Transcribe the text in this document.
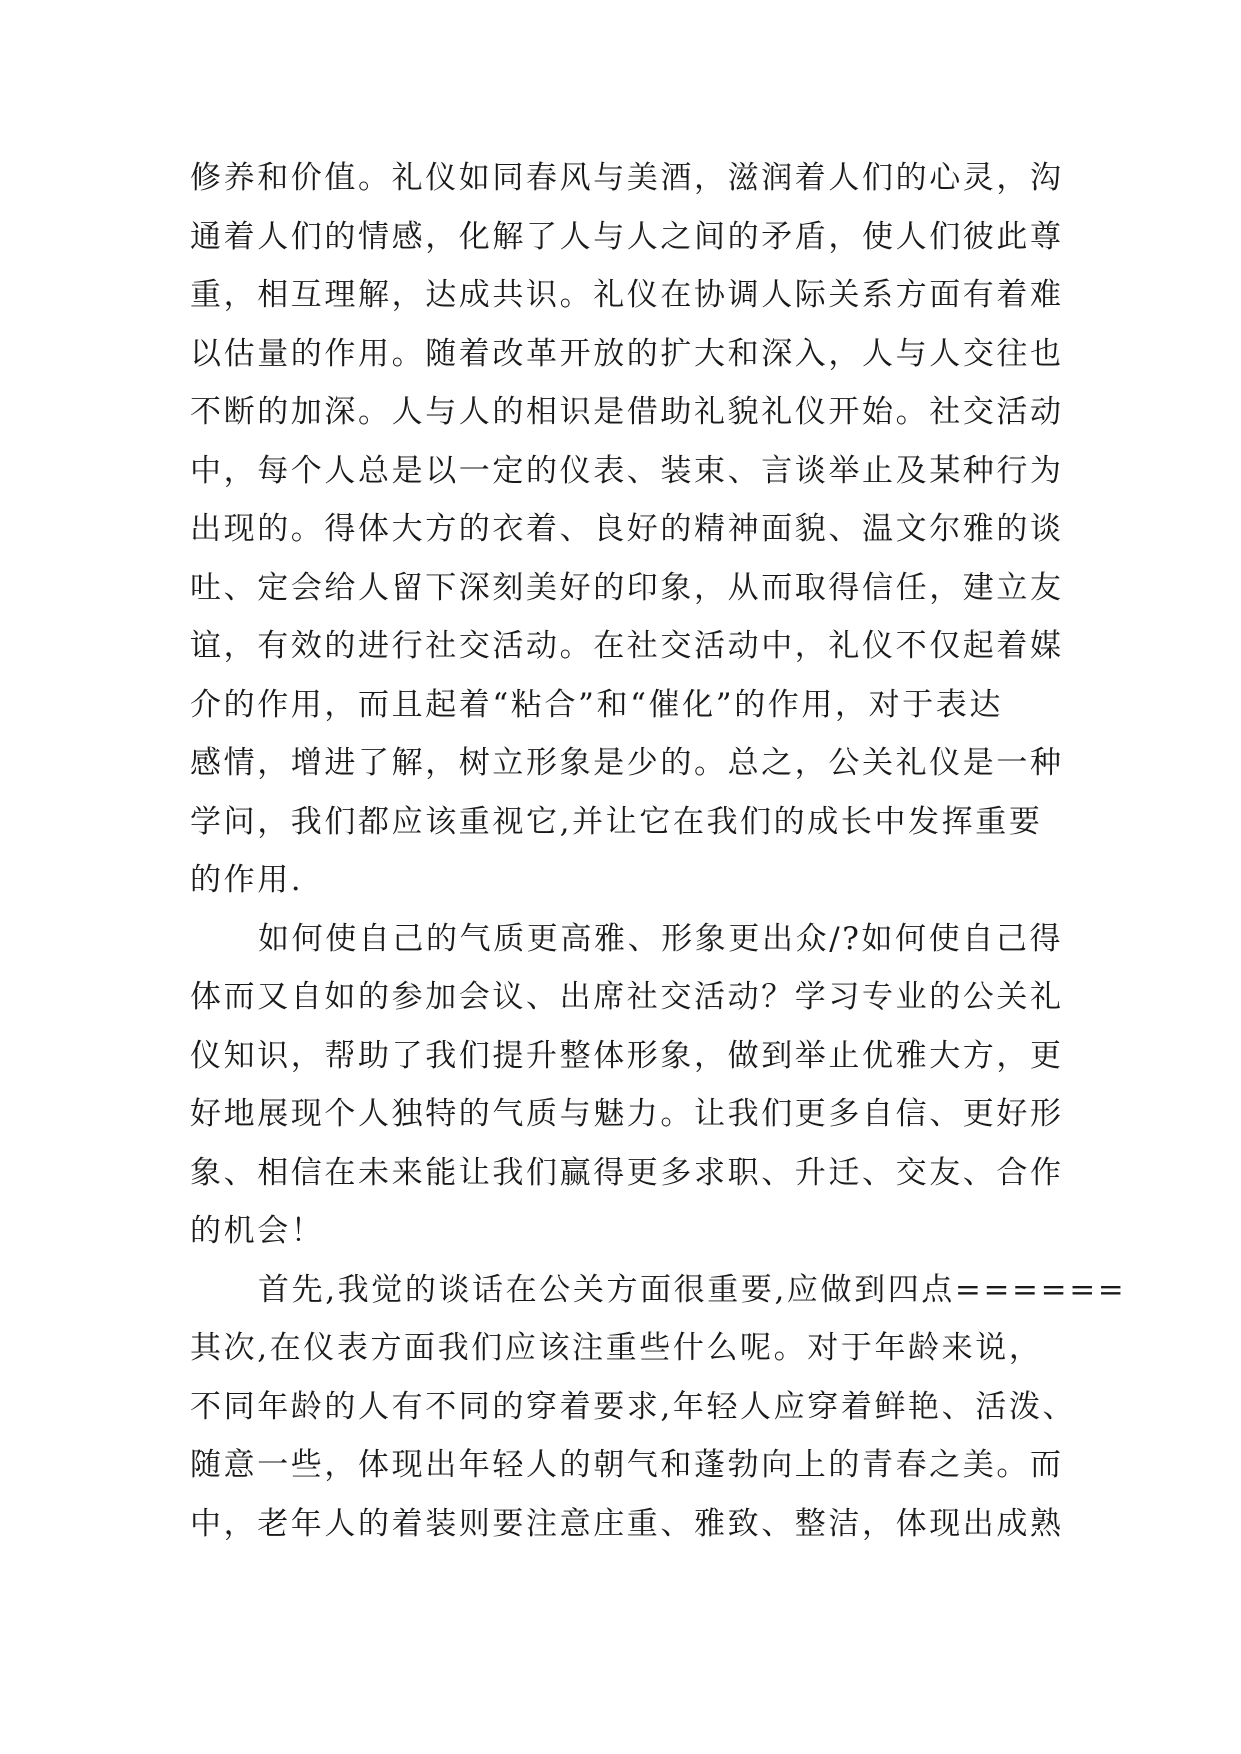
修养和价值。礼仪如同春风与美酒，滋润着人们的心灵，沟
通着人们的情感，化解了人与人之间的矛盾，使人们彼此尊
重，相互理解，达成共识。礼仪在协调人际关系方面有着难
以估量的作用。随着改革开放的扩大和深入，人与人交往也
不断的加深。人与人的相识是借助礼貌礼仪开始。社交活动
中，每个人总是以一定的仪表、装束、言谈举止及某种行为
出现的。得体大方的衣着、良好的精神面貌、温文尔雅的谈
吐、定会给人留下深刻美好的印象，从而取得信任，建立友
谊，有效的进行社交活动。在社交活动中，礼仪不仅起着媒
介的作用，而且起着“粘合”和“催化”的作用，对于表达
感情，增进了解，树立形象是少的。总之，公关礼仪是一种
学问，我们都应该重视它,并让它在我们的成长中发挥重要
的作用.
如何使自己的气质更高雅、形象更出众/?如何使自己得
体而又自如的参加会议、出席社交活动？学习专业的公关礼
仪知识，帮助了我们提升整体形象，做到举止优雅大方，更
好地展现个人独特的气质与魅力。让我们更多自信、更好形
象、相信在未来能让我们赢得更多求职、升迁、交友、合作
的机会！
首先,我觉的谈话在公关方面很重要,应做到四点======
其次,在仪表方面我们应该注重些什么呢。对于年龄来说，
不同年龄的人有不同的穿着要求,年轻人应穿着鲜艳、活泼、
随意一些，体现出年轻人的朝气和蓬勃向上的青春之美。而
中，老年人的着装则要注意庄重、雅致、整洁，体现出成熟
